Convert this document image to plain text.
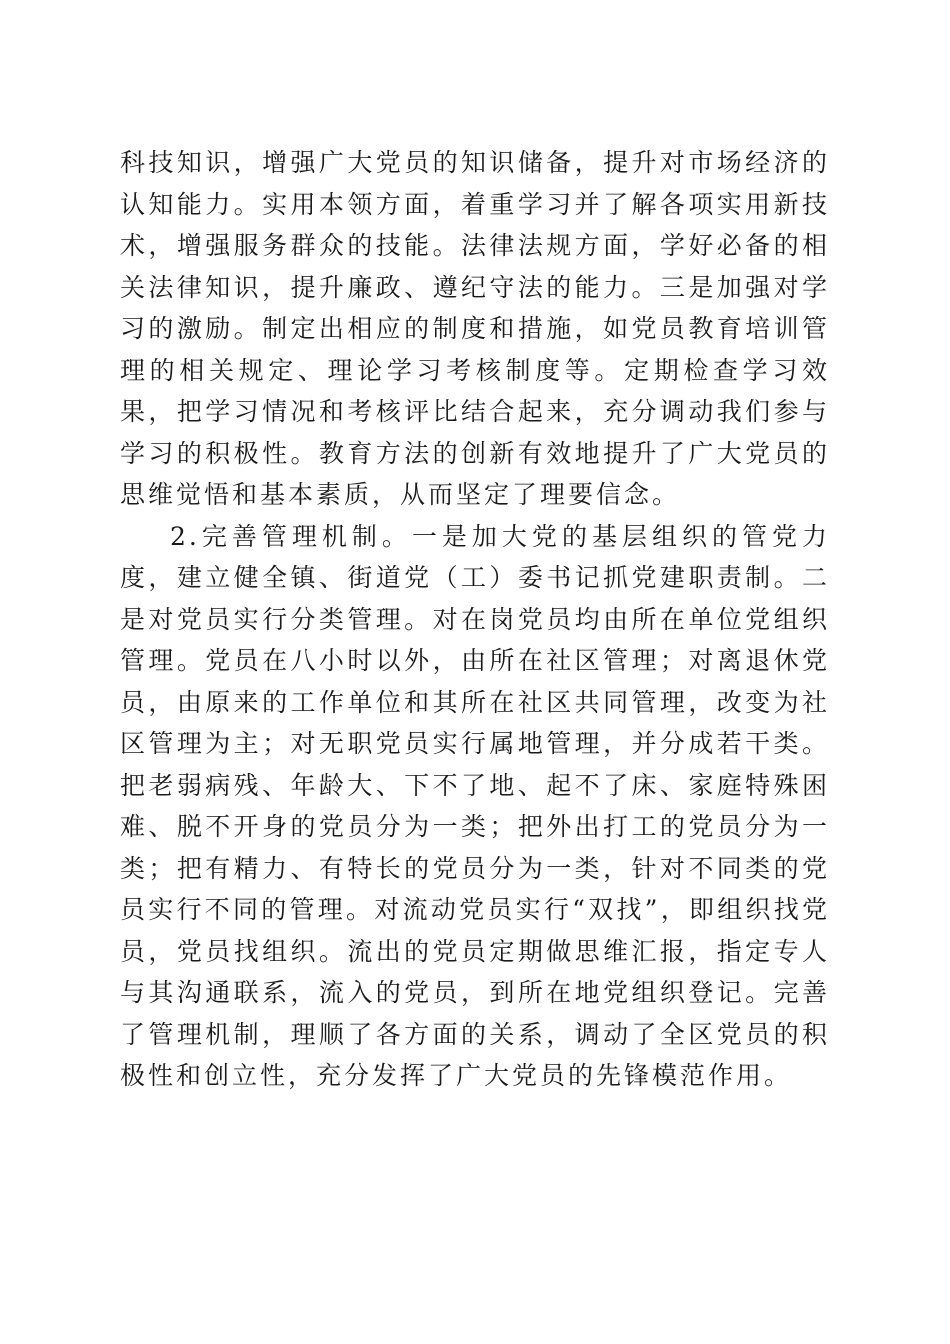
科技知识，增强广大党员的知识储备，提升对市场经济的认知能力。实用本领方面，着重学习并了解各项实用新技术，增强服务群众的技能。法律法规方面，学好必备的相关法律知识，提升廉政、遵纪守法的能力。三是加强对学习的激励。制定出相应的制度和措施，如党员教育培训管理的相关规定、理论学习考核制度等。定期检查学习效果，把学习情况和考核评比结合起来，充分调动我们参与学习的积极性。教育方法的创新有效地提升了广大党员的思维觉悟和基本素质，从而坚定了理要信念。

2.完善管理机制。一是加大党的基层组织的管党力度，建立健全镇、街道党（工）委书记抓党建职责制。二是对党员实行分类管理。对在岗党员均由所在单位党组织管理。党员在八小时以外，由所在社区管理；对离退休党员，由原来的工作单位和其所在社区共同管理，改变为社区管理为主；对无职党员实行属地管理，并分成若干类。把老弱病残、年龄大、下不了地、起不了床、家庭特殊困难、脱不开身的党员分为一类；把外出打工的党员分为一类；把有精力、有特长的党员分为一类，针对不同类的党员实行不同的管理。对流动党员实行“双找”，即组织找党员，党员找组织。流出的党员定期做思维汇报，指定专人与其沟通联系，流入的党员，到所在地党组织登记。完善了管理机制，理顺了各方面的关系，调动了全区党员的积极性和创立性，充分发挥了广大党员的先锋模范作用。
